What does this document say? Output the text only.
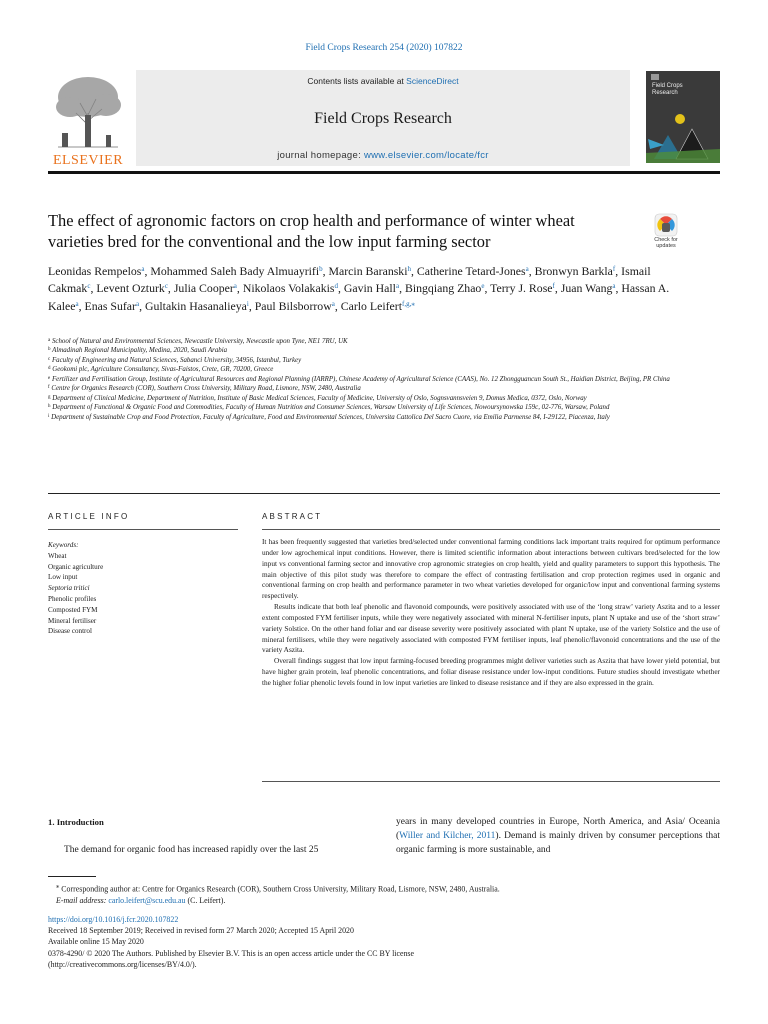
Field Crops Research 254 (2020) 107822
ELSEVIER
Contents lists available at ScienceDirect
Field Crops Research
journal homepage: www.elsevier.com/locate/fcr
Field Crops Research
The effect of agronomic factors on crop health and performance of winter wheat varieties bred for the conventional and the low input farming sector	Check for updates
Leonidas Rempelos$^a$, Mohammed Saleh Bady Almuayrifi$^b$, Marcin Baranski$^h$, Catherine Tetard-Jones$^a$, Bronwyn Barkla$^f$, Ismail Cakmak$^c$, Levent Ozturk$^c$, Julia Cooper$^a$, Nikolaos Volakakis$^d$, Gavin Hall$^a$, Bingqiang Zhao$^e$, Terry J. Rose$^f$, Juan Wang$^a$, Hassan A. Kalee$^a$, Enas Sufar$^a$, Gultakin Hasanalieya$^i$, Paul Bilsborrow$^a$, Carlo Leifert$^{f,g,⁎}$

$^a$ School of Natural and Environmental Sciences, Newcastle University, Newcastle upon Tyne, NE1 7RU, UK

$^b$ Almadinah Regional Municipality, Medina, 2020, Saudi Arabia

$^c$ Faculty of Engineering and Natural Sciences, Sabanci University, 34956, Istanbul, Turkey

$^d$ Geokomi plc, Agriculture Consultancy, Sivas-Faistos, Crete, GR, 70200, Greece

$^e$ Fertilizer and Fertilisation Group, Institute of Agricultural Resources and Regional Planning (IARRP), Chinese Academy of Agricultural Science (CAAS), No. 12 Zhongguancun South St., Haidian District, Beijing, PR China

$^f$ Centre for Organics Research (COR), Southern Cross University, Military Road, Lismore, NSW, 2480, Australia

$^g$ Department of Clinical Medicine, Department of Nutrition, Institute of Basic Medical Sciences, Faculty of Medicine, University of Oslo, Sognsvannsveien 9, Domus Medica, 0372, Oslo, Norway

$^h$ Department of Functional & Organic Food and Commodities, Faculty of Human Nutrition and Consumer Sciences, Warsaw University of Life Sciences, Nowoursynowska 159c, 02-776, Warsaw, Poland

$^i$ Department of Sustainable Crop and Food Protection, Faculty of Agriculture, Food and Environmental Sciences, Universita Cattolica Del Sacro Cuore, via Emilia Parmense 84, I-29122, Piacenza, Italy

ARTICLE INFO
Keywords:
Wheat
Organic agriculture
Low input
Septoria tritici
Phenolic profiles
Composted FYM
Mineral fertiliser
Disease control
ABSTRACT

It has been frequently suggested that varieties bred/selected under conventional farming conditions lack important traits required for optimum performance under low agrochemical input conditions. However, there is limited scientific information about interactions between cultivars bred/selected for the low input vs conventional farming sector and innovative crop agronomic strategies on crop health, yield and quality parameters to support this hypothesis. The main objective of this pilot study was therefore to compare the effect of contrasting fertilisation and crop protection regimes used in organic and conventional farming on crop health and performance parameter in two wheat varieties developed for organic/low input and conventional farming systems respectively.

Results indicate that both leaf phenolic and flavonoid compounds, were positively associated with use of the ‘long straw’ variety Aszita and to a lesser extent composted FYM fertiliser inputs, while they were negatively associated with mineral N-fertiliser inputs, plant N uptake and use of the ‘short straw’ variety Solstice. On the other hand foliar and ear disease severity were positively associated with plant N uptake, use of the variety Solstice and the use of mineral fertilisers, while they were negatively associated with composted FYM fertiliser inputs, leaf phenolic/flavonoid concentrations and the use of the variety Aszita.

Overall findings suggest that low input farming-focused breeding programmes might deliver varieties such as Aszita that have lower yield potential, but have higher grain protein, leaf phenolic concentrations, and foliar disease resistance under low-input conditions. Future studies should investigate whether the higher foliar phenolic levels found in low input varieties are linked to disease resistance and if they are also expressed in the grain.

1. Introduction

The demand for organic food has increased rapidly over the last 25

years in many developed countries in Europe, North America, and Asia/ Oceania (Willer and Kilcher, 2011). Demand is mainly driven by consumer perceptions that organic farming is more sustainable, and

⁎ Corresponding author at: Centre for Organics Research (COR), Southern Cross University, Military Road, Lismore, NSW, 2480, Australia.
E-mail address: carlo.leifert@scu.edu.au (C. Leifert).

https://doi.org/10.1016/j.fcr.2020.107822

Received 18 September 2019; Received in revised form 27 March 2020; Accepted 15 April 2020

Available online 15 May 2020

0378-4290/ © 2020 The Authors. Published by Elsevier B.V. This is an open access article under the CC BY license

(http://creativecommons.org/licenses/BY/4.0/).
